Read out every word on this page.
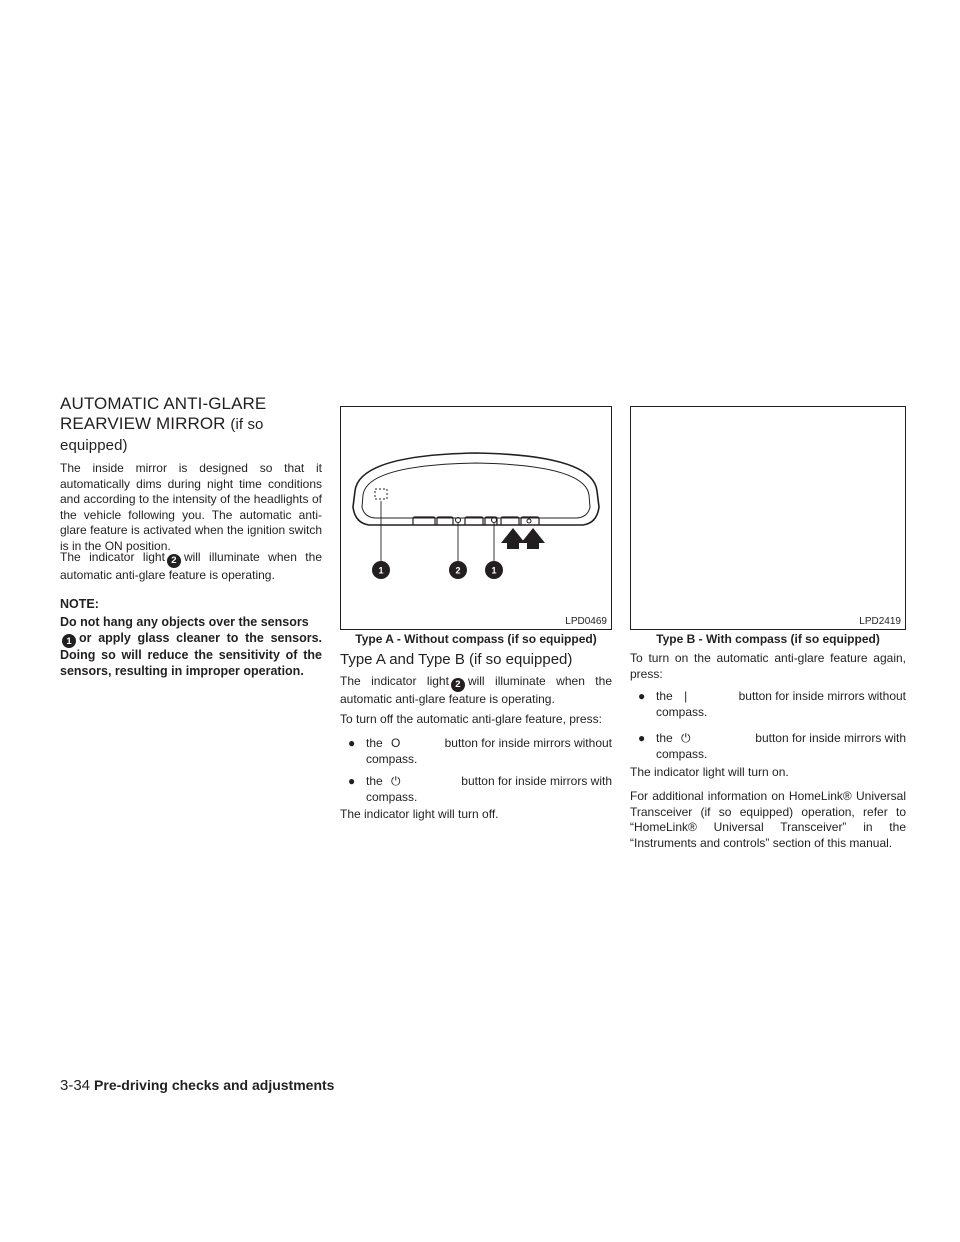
AUTOMATIC ANTI-GLARE
REARVIEW MIRROR (if so equipped)

The inside mirror is designed so that it automatically dims during night time conditions and according to the intensity of the headlights of the vehicle following you. The automatic anti-glare feature is activated when the ignition switch is in the ON position.

The indicator light 2 will illuminate when the automatic anti-glare feature is operating.

NOTE:

Do not hang any objects over the sensors
1 or apply glass cleaner to the sensors. Doing so will reduce the sensitivity of the sensors, resulting in improper operation.

1	2	1
LPD0469
Type A - Without compass (if so equipped)
LPD2419
Type B - With compass (if so equipped)
Type A and Type B (if so equipped)

The indicator light 2 will illuminate when the automatic anti-glare feature is operating.

To turn off the automatic anti-glare feature, press:

● the O	button for inside mirrors without
compass.
● the ⏻	button for inside mirrors with
compass.

The indicator light will turn off.

To turn on the automatic anti-glare feature again, press:

● the |	button for inside mirrors without
compass.
● the ⏻	button for inside mirrors with
compass.

The indicator light will turn on.

For additional information on HomeLink® Universal Transceiver (if so equipped) operation, refer to “HomeLink® Universal Transceiver” in the “Instruments and controls” section of this manual.

3-34 Pre-driving checks and adjustments
